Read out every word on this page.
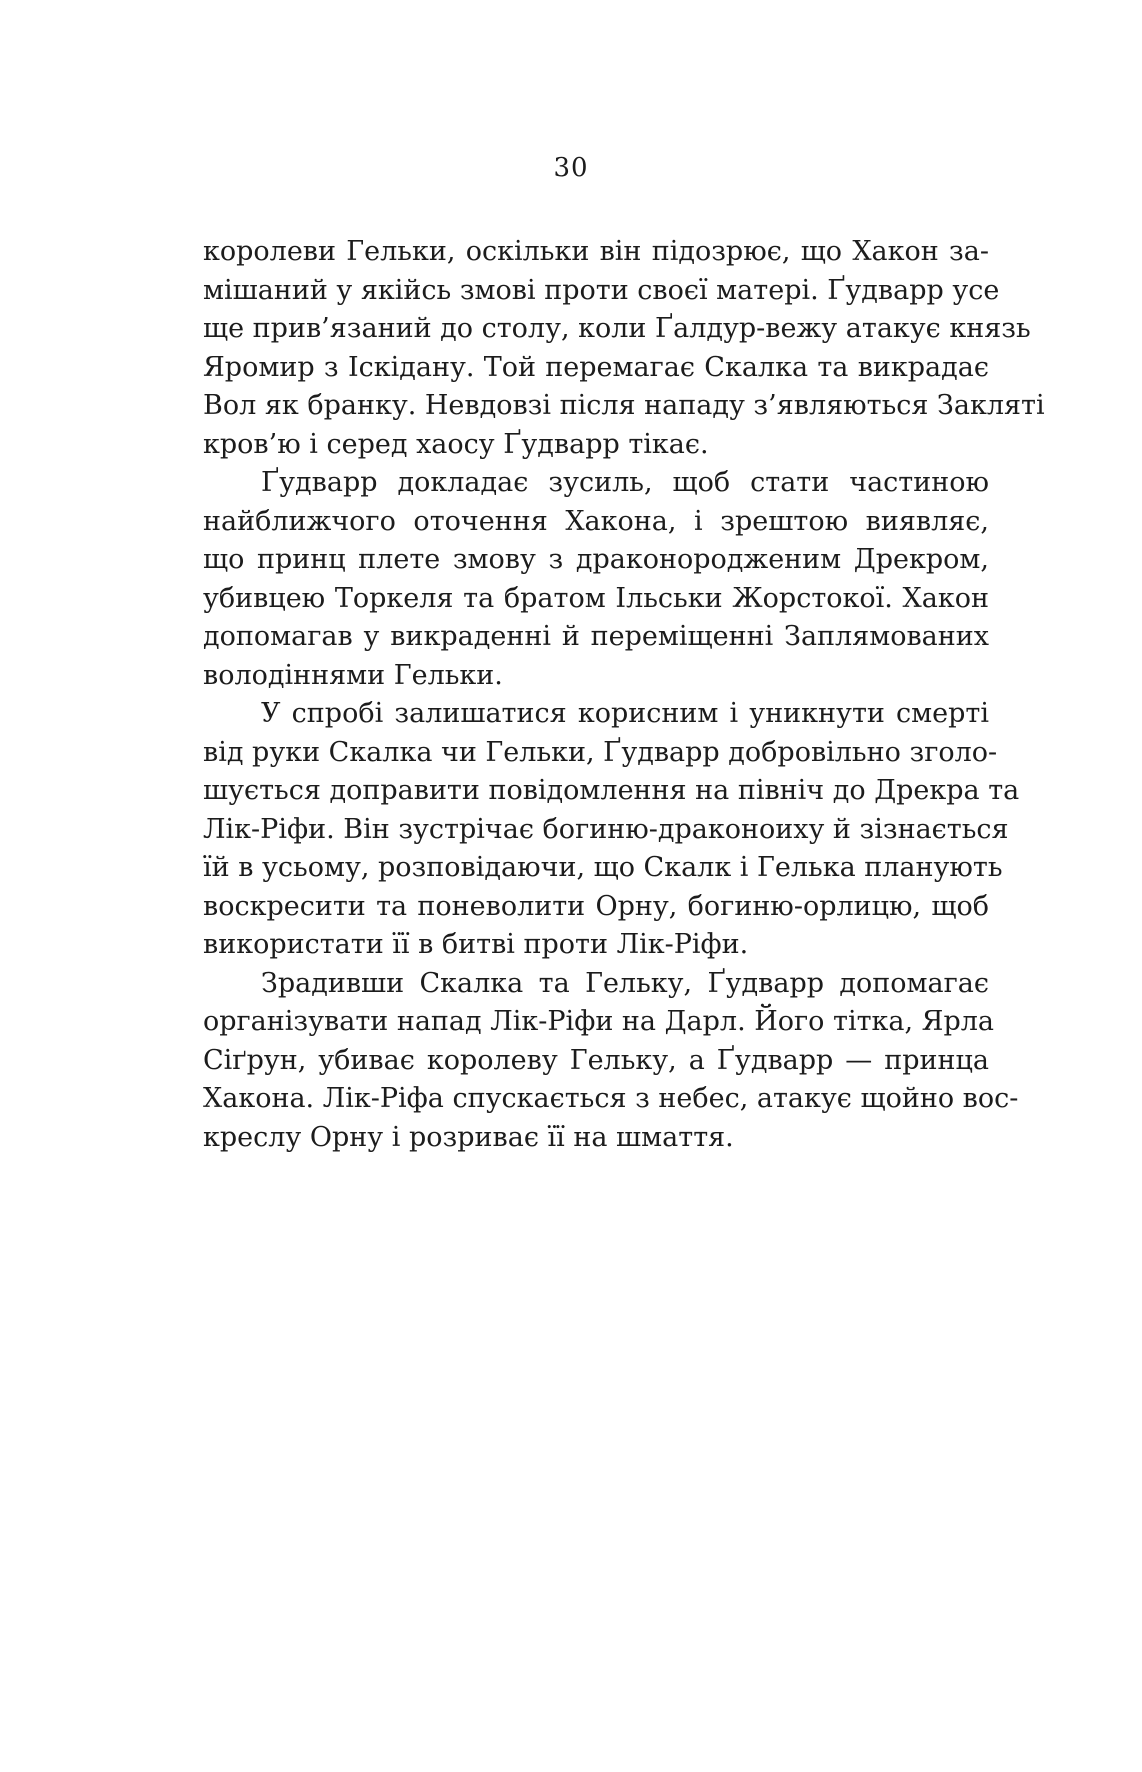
30
королеви Гельки, оскільки він підозрює, що Хакон за-
мішаний у якійсь змові проти своєї матері. Ґудварр усе
ще прив’язаний до столу, коли Ґалдур-вежу атакує князь
Яромир з Іскідану. Той перемагає Скалка та викрадає
Вол як бранку. Невдовзі після нападу з’являються Закляті
кров’ю і серед хаосу Ґудварр тікає.
Ґудварр докладає зусиль, щоб стати частиною
найближчого оточення Хакона, і зрештою виявляє,
що принц плете змову з драконородженим Дрекром,
убивцею Торкеля та братом Ільськи Жорстокої. Хакон
допомагав у викраденні й переміщенні Заплямованих
володіннями Гельки.
У спробі залишатися корисним і уникнути смерті
від руки Скалка чи Гельки, Ґудварр добровільно зголо-
шується доправити повідомлення на північ до Дрекра та
Лік-Ріфи. Він зустрічає богиню-драконоиху й зізнається
їй в усьому, розповідаючи, що Скалк і Гелька планують
воскресити та поневолити Орну, богиню-орлицю, щоб
використати її в битві проти Лік-Ріфи.
Зрадивши Скалка та Гельку, Ґудварр допомагає
організувати напад Лік-Ріфи на Дарл. Його тітка, Ярла
Сіґрун, убиває королеву Гельку, а Ґудварр — принца
Хакона. Лік-Ріфа спускається з небес, атакує щойно вос-
креслу Орну і розриває її на шмаття.
